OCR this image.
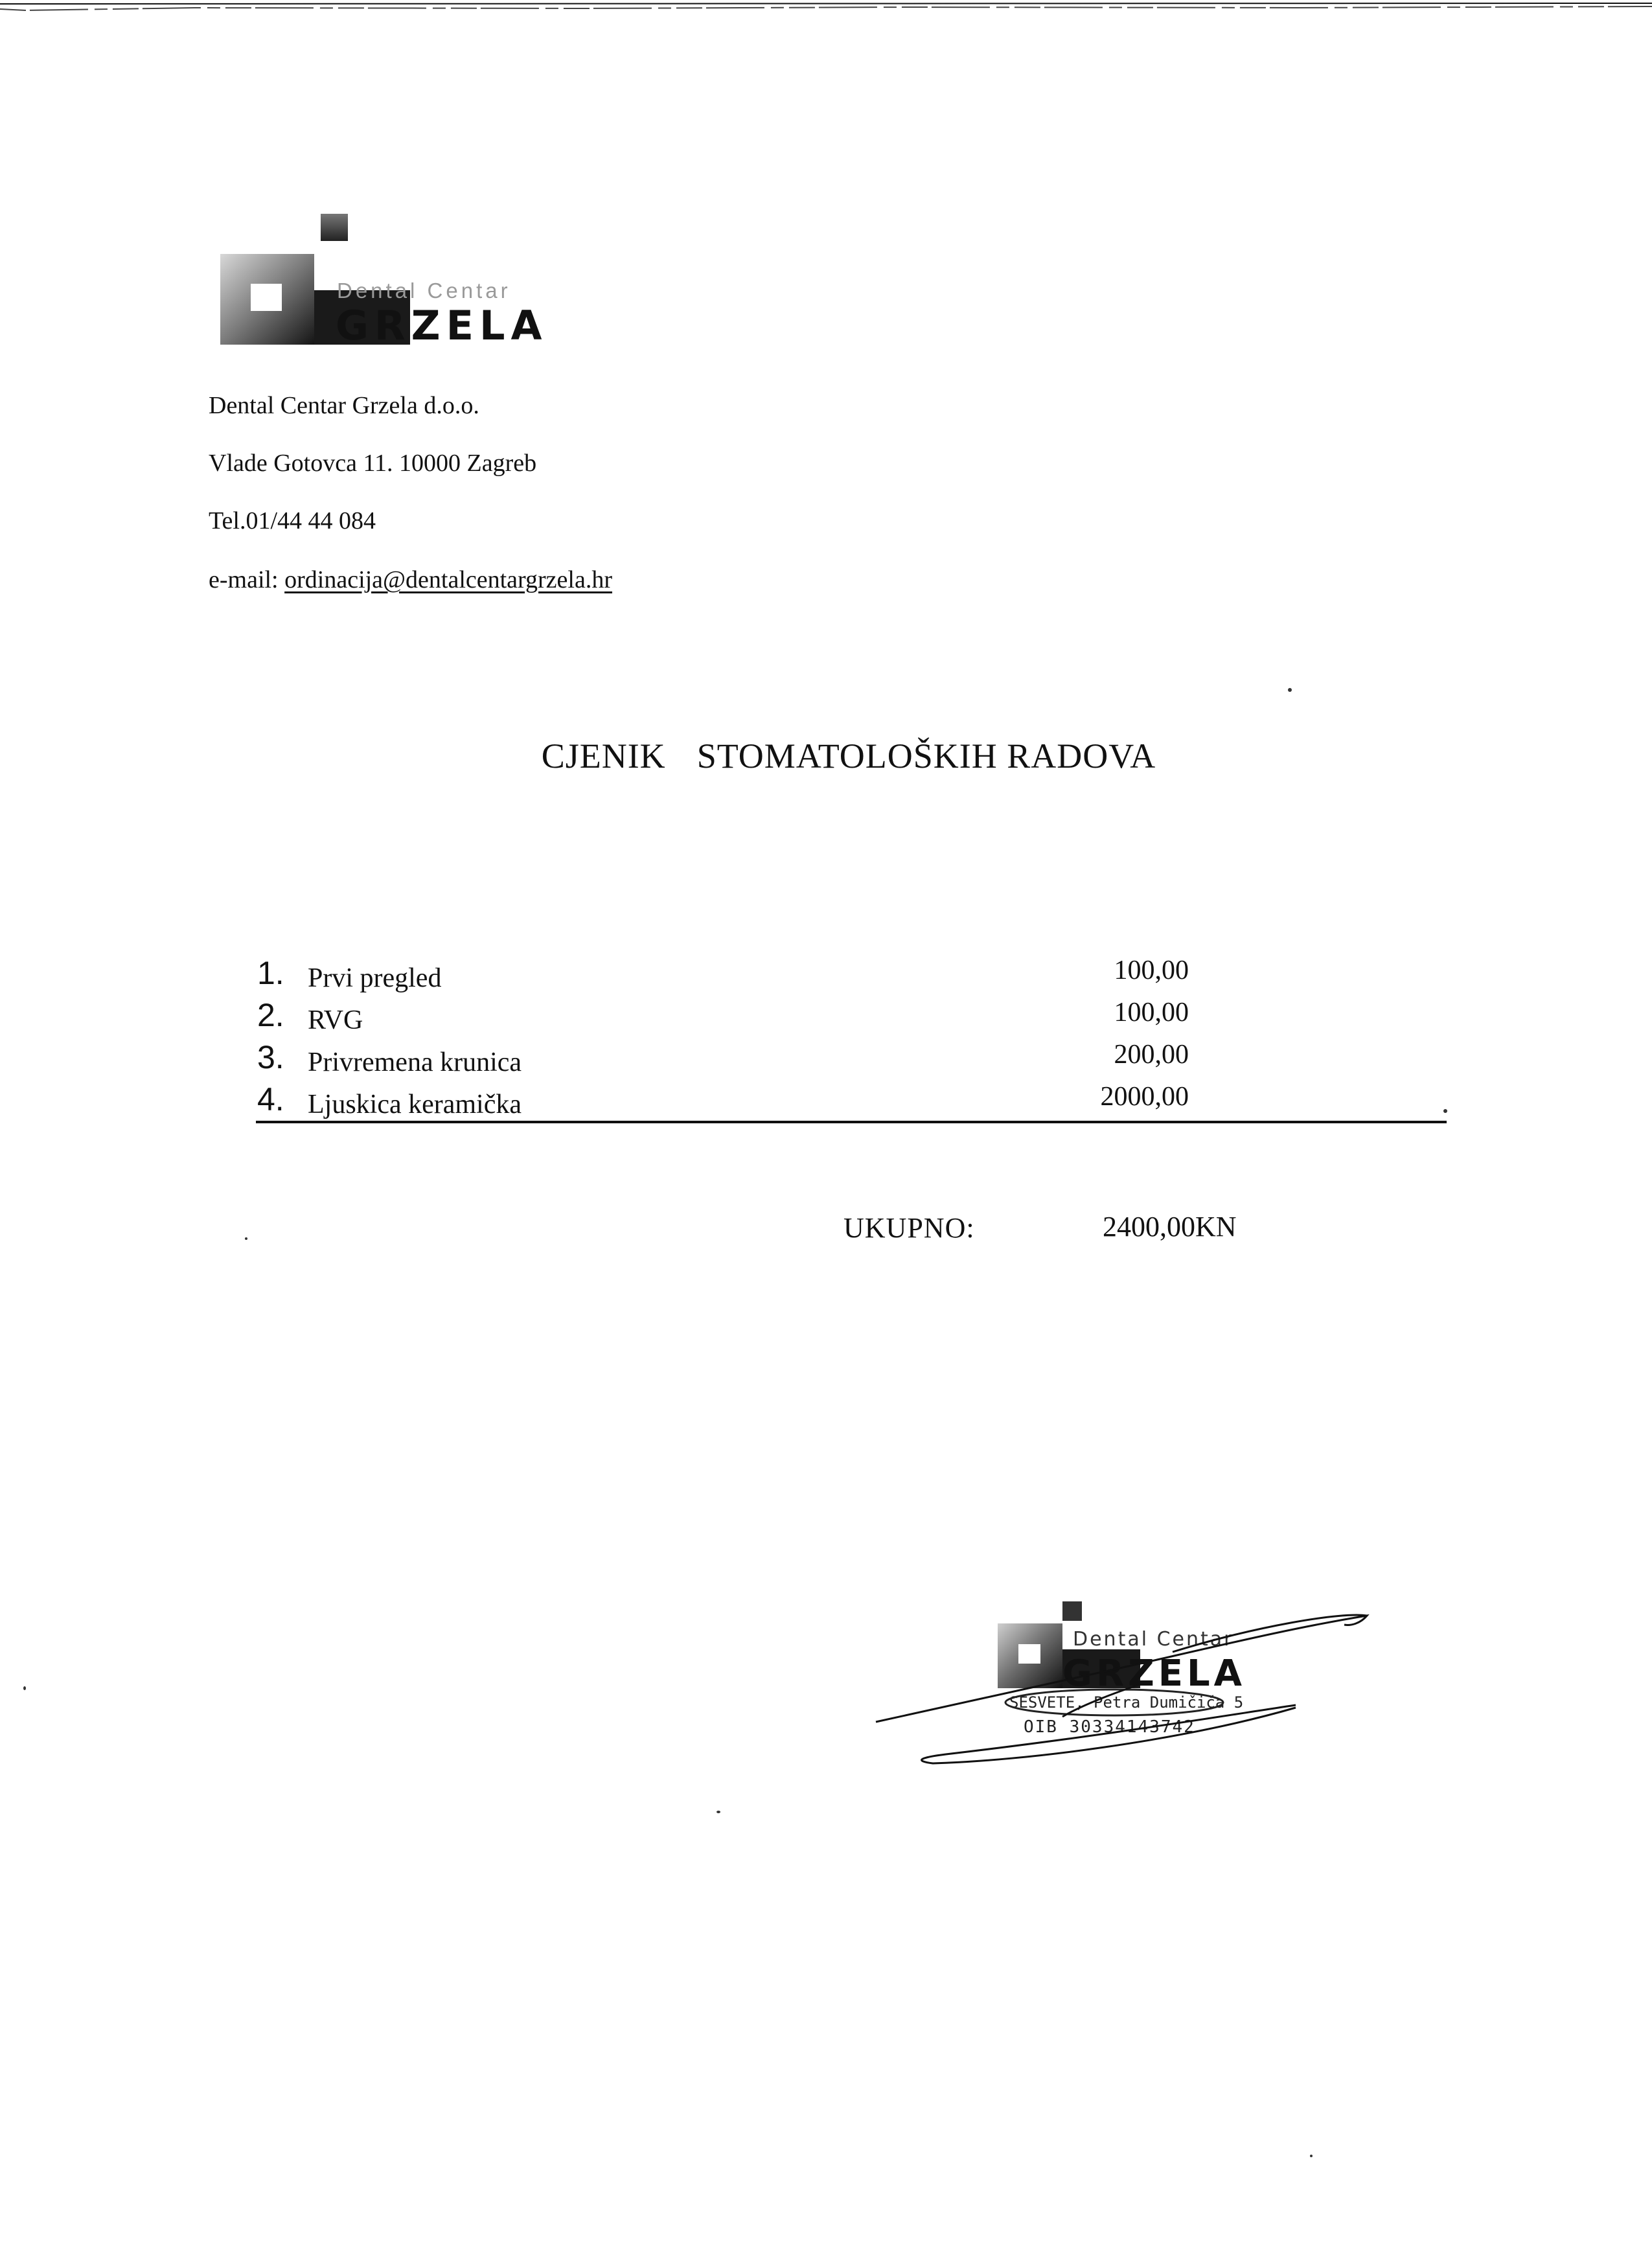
Dental Centar
GRZELA
Dental Centar Grzela d.o.o.
Vlade Gotovca 11. 10000 Zagreb
Tel.01/44 44 084
e-mail: ordinacija@dentalcentargrzela.hr
CJENIK STOMATOLOŠKIH RADOVA
1. Prvi pregled	100,00
2. RVG	100,00
3. Privremena krunica	200,00
4. Ljuskica keramička	2000,00
UKUPNO:	2400,00KN
Dental Centar
GRZELA
SESVETE, Petra Dumičića 5
OIB 30334143742
